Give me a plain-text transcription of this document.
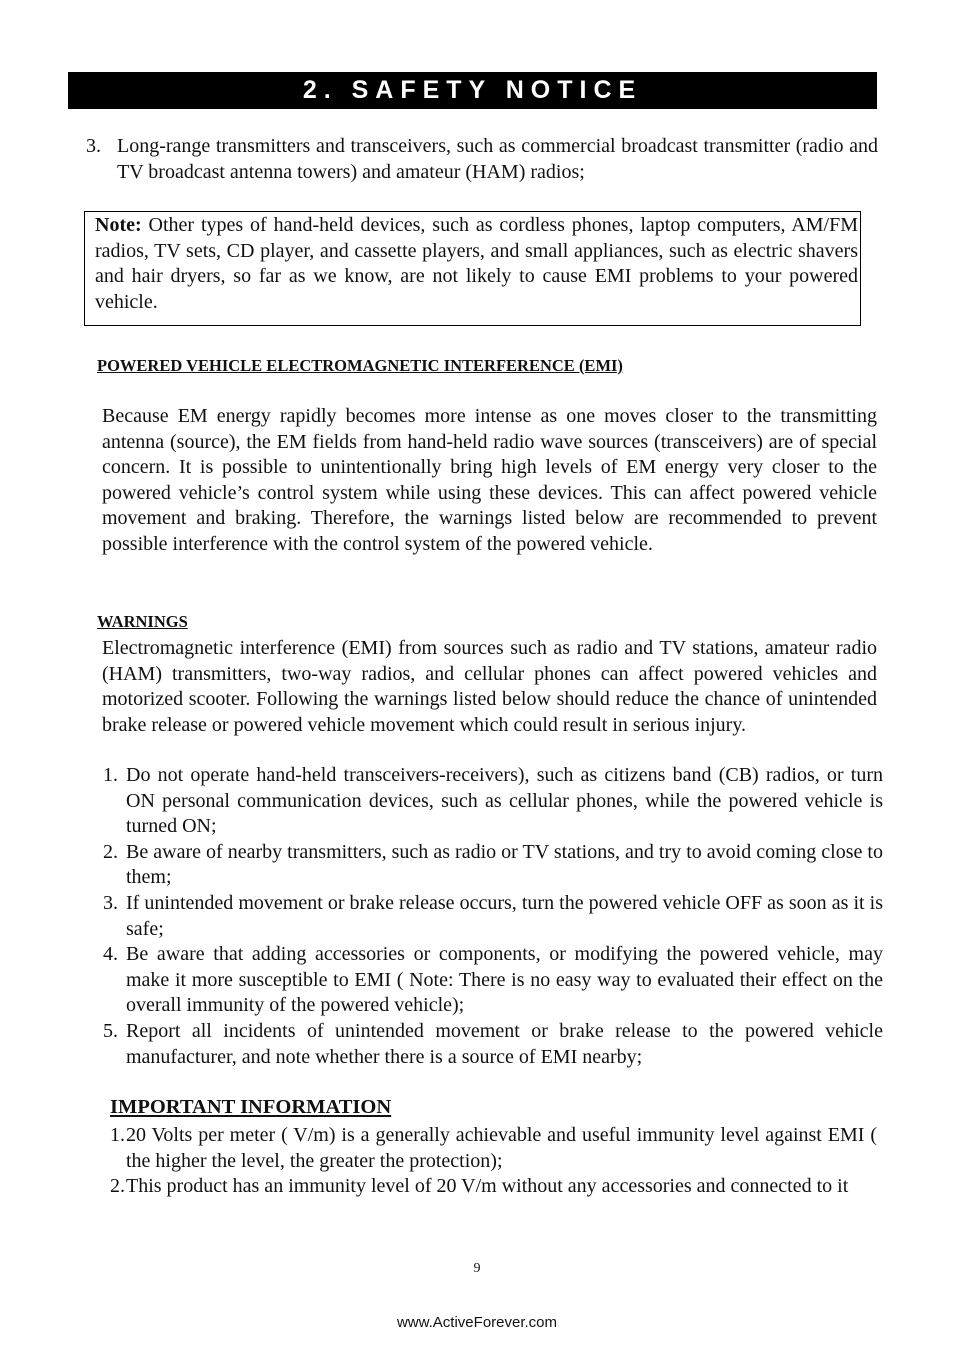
2. SAFETY NOTICE
3. Long-range transmitters and transceivers, such as commercial broadcast transmitter (radio and TV broadcast antenna towers) and amateur (HAM) radios;
Note: Other types of hand-held devices, such as cordless phones, laptop computers, AM/FM radios, TV sets, CD player, and cassette players, and small appliances, such as electric shavers and hair dryers, so far as we know, are not likely to cause EMI problems to your powered vehicle.
POWERED VEHICLE ELECTROMAGNETIC INTERFERENCE (EMI)
Because EM energy rapidly becomes more intense as one moves closer to the transmitting antenna (source), the EM fields from hand-held radio wave sources (transceivers) are of special concern. It is possible to unintentionally bring high levels of EM energy very closer to the powered vehicle’s control system while using these devices. This can affect powered vehicle movement and braking. Therefore, the warnings listed below are recommended to prevent possible interference with the control system of the powered vehicle.
WARNINGS
Electromagnetic interference (EMI) from sources such as radio and TV stations, amateur radio (HAM) transmitters, two-way radios, and cellular phones can affect powered vehicles and motorized scooter. Following the warnings listed below should reduce the chance of unintended brake release or powered vehicle movement which could result in serious injury.
1. Do not operate hand-held transceivers-receivers), such as citizens band (CB) radios, or turn ON personal communication devices, such as cellular phones, while the powered vehicle is turned ON;
2. Be aware of nearby transmitters, such as radio or TV stations, and try to avoid coming close to them;
3. If unintended movement or brake release occurs, turn the powered vehicle OFF as soon as it is safe;
4. Be aware that adding accessories or components, or modifying the powered vehicle, may make it more susceptible to EMI ( Note: There is no easy way to evaluated their effect on the overall immunity of the powered vehicle);
5. Report all incidents of unintended movement or brake release to the powered vehicle manufacturer, and note whether there is a source of EMI nearby;
IMPORTANT INFORMATION
1. 20 Volts per meter ( V/m) is a generally achievable and useful immunity level against EMI ( the higher the level, the greater the protection);
2. This product has an immunity level of 20 V/m without any accessories and connected to it
9
www.ActiveForever.com
